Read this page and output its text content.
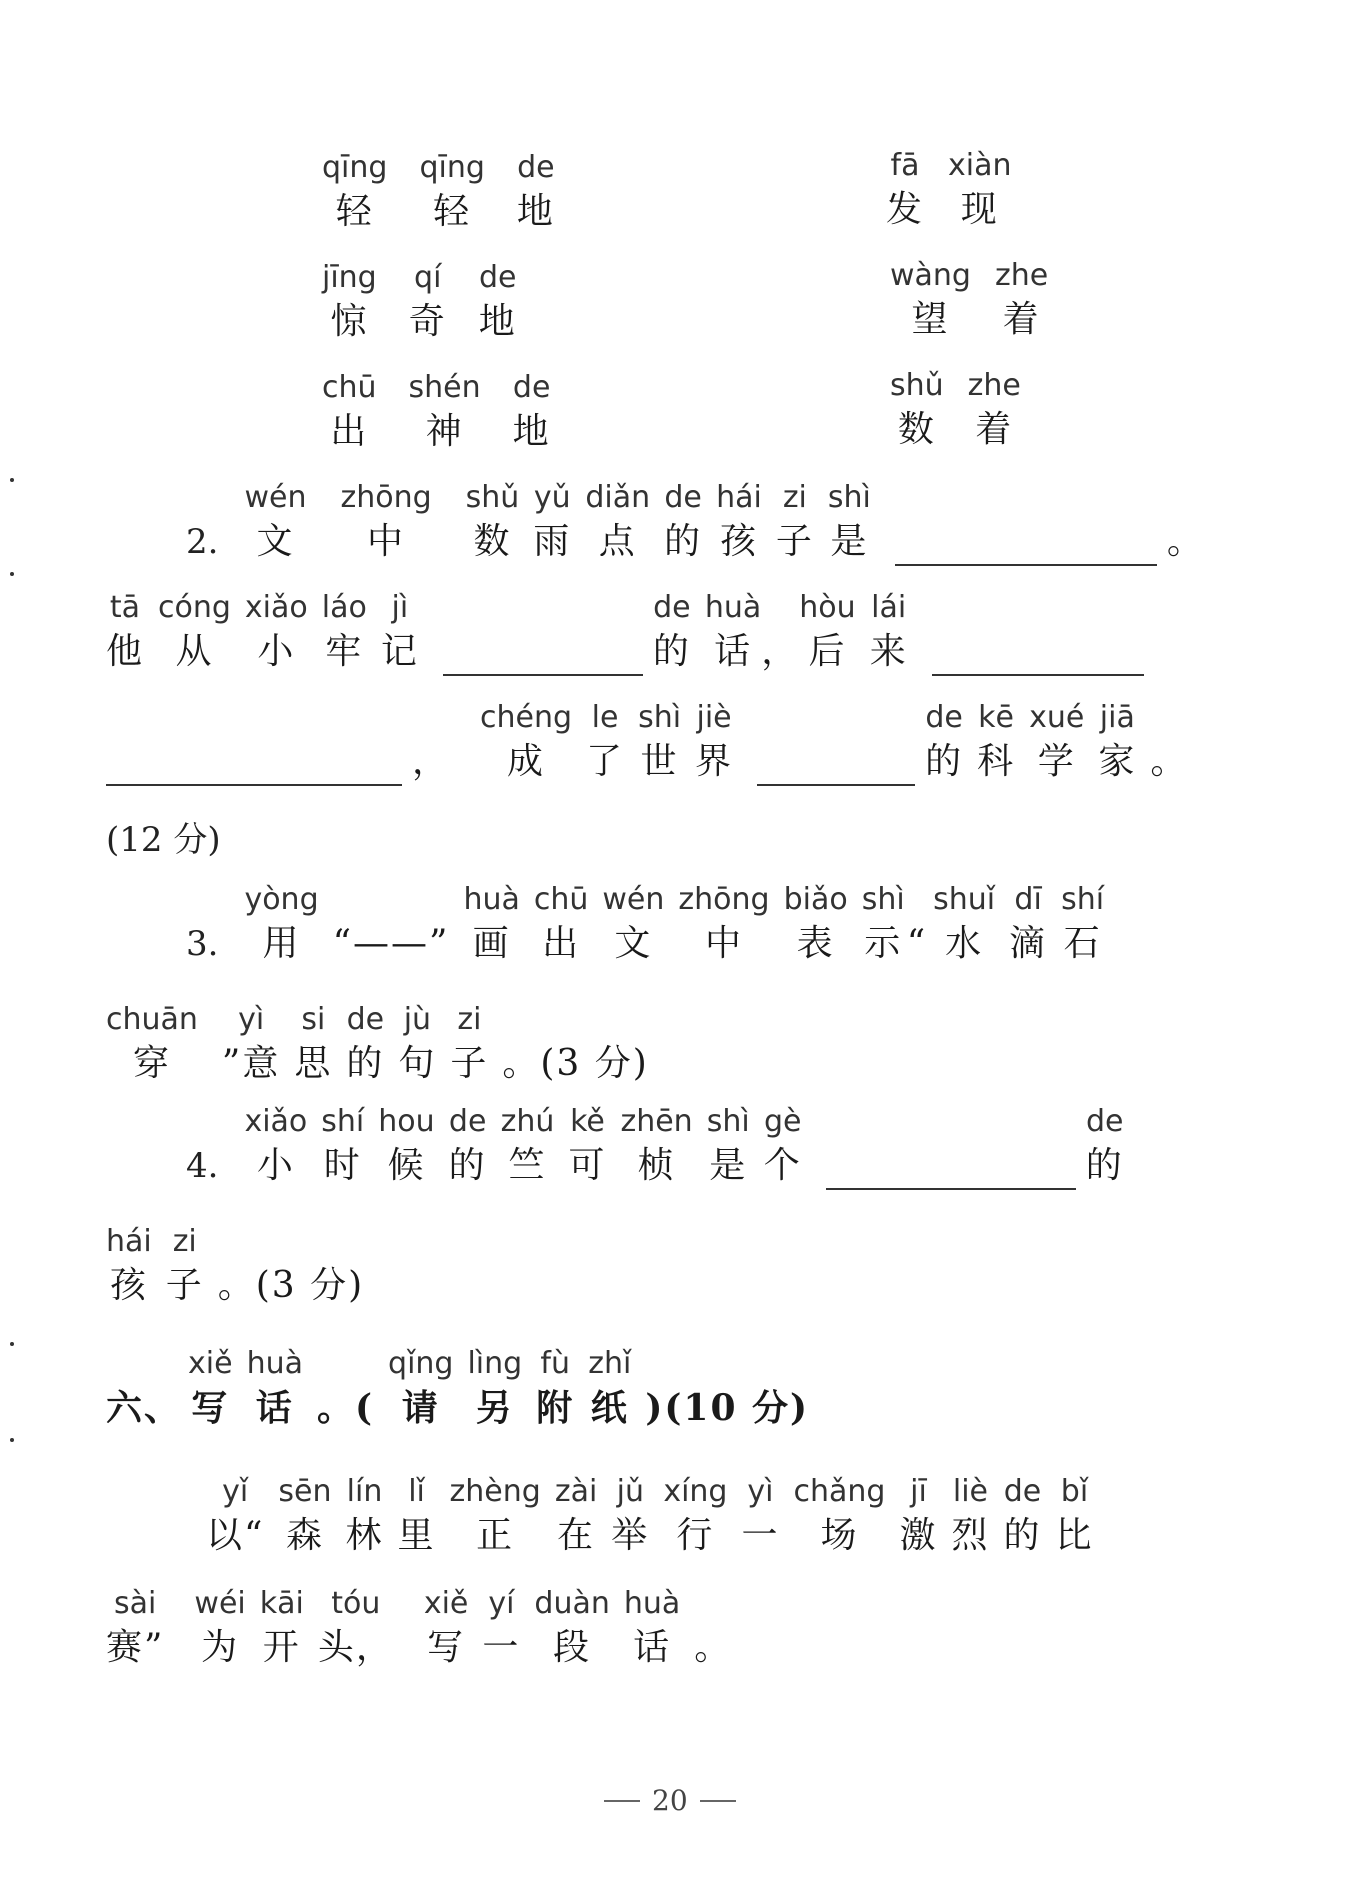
qīng
轻
qīng
轻
de
地
jīng
惊
qí
奇
de
地
chū
出
shén
神
de
地
fā
发
xiàn
现
wàng
望
zhe
着
shǔ
数
zhe
着
2.
wén
文
zhōng
中
shǔ
数
yǔ
雨
diǎn
点
de
的
hái
孩
zi
子
shì
是	。
tā
他
cóng
从
xiǎo
小
láo
牢
jì
记
de
的
huà
话 ，
hòu
后
lái
来
，
chéng
成
le
了
shì
世
jiè
界
de
的
kē
科
xué
学
jiā
家 。
(12 分)
3.
yòng
用 “——”
huà
画
chū
出
wén
文
zhōng
中
biǎo
表
shì
示 “
shuǐ
水
dī
滴
shí
石
chuān
穿
yì
”意
si
思
de
的
jù
句
zi
子 。(3 分)
4.
xiǎo
小
shí
时
hou
候
de
的
zhú
竺
kě
可
zhēn
桢
shì
是
gè
个
de
的
hái
孩
zi
子 。(3 分)
六、
xiě
写
huà
话 。(
qǐng
请
lìng
另
fù
附
zhǐ
纸 )(10 分)
yǐ
以“
sēn
森
lín
林
lǐ
里
zhèng
正
zài
在
jǔ
举
xíng
行
yì
一
chǎng
场
jī
激
liè
烈
de
的
bǐ
比
sài
赛”
wéi
为
kāi
开
tóu
头，
xiě
写
yí
一
duàn
段
huà
话 。
20
